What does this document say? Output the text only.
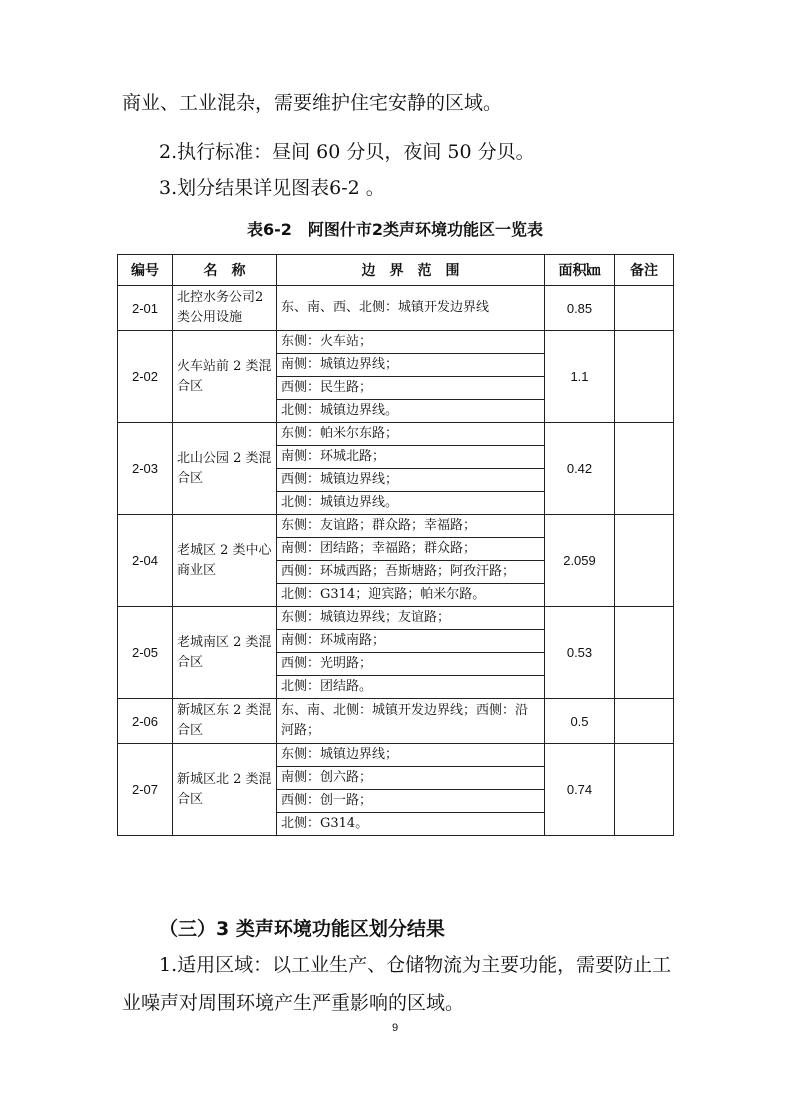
商业、工业混杂，需要维护住宅安静的区域。
2.执行标准：昼间 60 分贝，夜间 50 分贝。
3.划分结果详见图表6-2 。
表6-2　阿图什市2类声环境功能区一览表
编号	名　称	边　界　范　围	面积㎞	备注
2-01	北控水务公司2 类公用设施	东、南、西、北侧：城镇开发边界线	0.85	
2-02	火车站前 2 类混合区	东侧：火车站；	1.1	
		南侧：城镇边界线；		
		西侧：民生路；		
		北侧：城镇边界线。		
2-03	北山公园 2 类混合区	东侧：帕米尔东路；	0.42	
		南侧：环城北路；		
		西侧：城镇边界线；		
		北侧：城镇边界线。		
2-04	老城区 2 类中心商业区	东侧：友谊路；群众路；幸福路；	2.059	
		南侧：团结路；幸福路；群众路；		
		西侧：环城西路；吾斯塘路；阿孜汗路；		
		北侧：G314；迎宾路；帕米尔路。		
2-05	老城南区 2 类混合区	东侧：城镇边界线；友谊路；	0.53	
		南侧：环城南路；		
		西侧：光明路；		
		北侧：团结路。		
2-06	新城区东 2 类混合区	东、南、北侧：城镇开发边界线；西侧：沿河路；	0.5	
2-07	新城区北 2 类混合区	东侧：城镇边界线；	0.74	
		南侧：创六路；		
		西侧：创一路；		
		北侧：G314。		
（三）3 类声环境功能区划分结果
1.适用区域：以工业生产、仓储物流为主要功能，需要防止工
业噪声对周围环境产生严重影响的区域。
9
